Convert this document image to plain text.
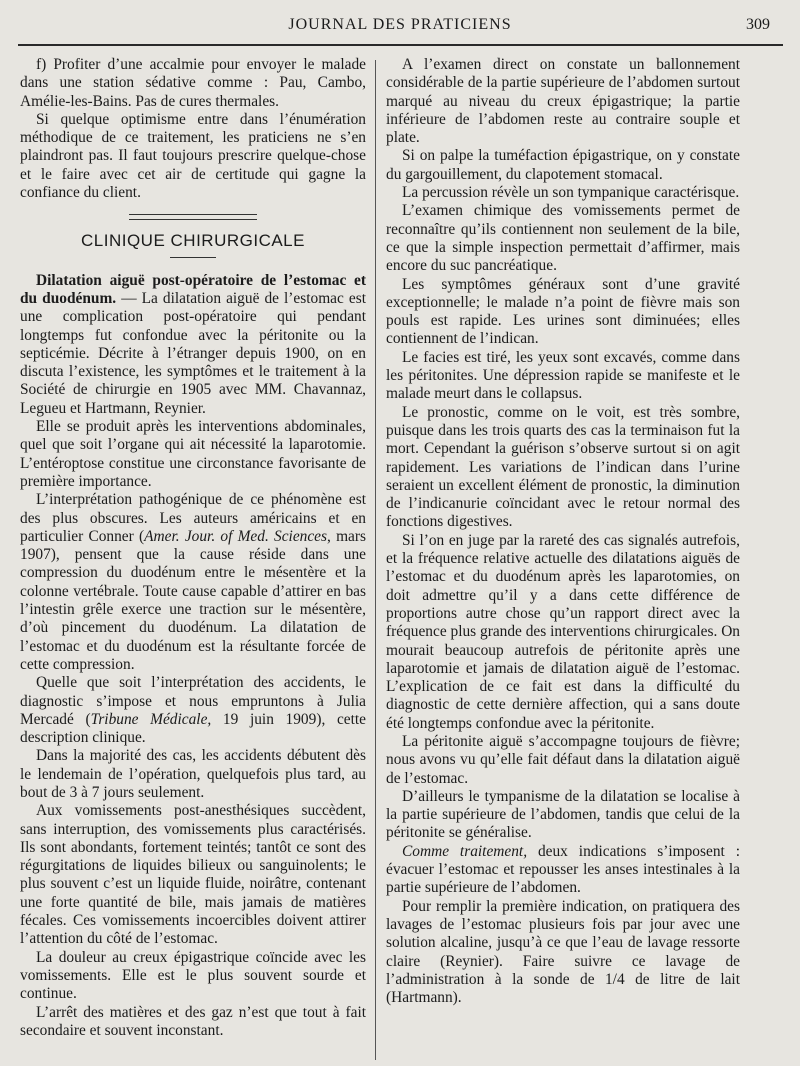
JOURNAL DES PRATICIENS	309

f) Profiter d’une accalmie pour envoyer le malade dans une station sédative comme : Pau, Cambo, Amélie-les-Bains. Pas de cures thermales.

Si quelque optimisme entre dans l’énumération méthodique de ce traitement, les praticiens ne s’en plaindront pas. Il faut toujours prescrire quelque-chose et le faire avec cet air de certitude qui gagne la confiance du client.

CLINIQUE CHIRURGICALE

Dilatation aiguë post-opératoire de l’estomac et du duodénum. — La dilatation aiguë de l’estomac est une complication post-opératoire qui pendant longtemps fut confondue avec la péritonite ou la septicémie. Décrite à l’étranger depuis 1900, on en discuta l’existence, les symptômes et le traitement à la Société de chirurgie en 1905 avec MM. Chavannaz, Legueu et Hartmann, Reynier.

Elle se produit après les interventions abdominales, quel que soit l’organe qui ait nécessité la laparotomie. L’entéroptose constitue une circonstance favorisante de première importance.

L’interprétation pathogénique de ce phénomène est des plus obscures. Les auteurs américains et en particulier Conner (Amer. Jour. of Med. Sciences, mars 1907), pensent que la cause réside dans une compression du duodénum entre le mésentère et la colonne vertébrale. Toute cause capable d’attirer en bas l’intestin grêle exerce une traction sur le mésentère, d’où pincement du duodénum. La dilatation de l’estomac et du duodénum est la résultante forcée de cette compression.

Quelle que soit l’interprétation des accidents, le diagnostic s’impose et nous empruntons à Julia Mercadé (Tribune Médicale, 19 juin 1909), cette description clinique.

Dans la majorité des cas, les accidents débutent dès le lendemain de l’opération, quelquefois plus tard, au bout de 3 à 7 jours seulement.

Aux vomissements post-anesthésiques succèdent, sans interruption, des vomissements plus caractérisés. Ils sont abondants, fortement teintés; tantôt ce sont des régurgitations de liquides bilieux ou sanguinolents; le plus souvent c’est un liquide fluide, noirâtre, contenant une forte quantité de bile, mais jamais de matières fécales. Ces vomissements incoercibles doivent attirer l’attention du côté de l’estomac.

La douleur au creux épigastrique coïncide avec les vomissements. Elle est le plus souvent sourde et continue.

L’arrêt des matières et des gaz n’est que tout à fait secondaire et souvent inconstant.

A l’examen direct on constate un ballonnement considérable de la partie supérieure de l’abdomen surtout marqué au niveau du creux épigastrique; la partie inférieure de l’abdomen reste au contraire souple et plate.

Si on palpe la tuméfaction épigastrique, on y constate du gargouillement, du clapotement stomacal.

La percussion révèle un son tympanique caractérisque.

L’examen chimique des vomissements permet de reconnaître qu’ils contiennent non seulement de la bile, ce que la simple inspection permettait d’affirmer, mais encore du suc pancréatique.

Les symptômes généraux sont d’une gravité exceptionnelle; le malade n’a point de fièvre mais son pouls est rapide. Les urines sont diminuées; elles contiennent de l’indican.

Le facies est tiré, les yeux sont excavés, comme dans les péritonites. Une dépression rapide se manifeste et le malade meurt dans le collapsus.

Le pronostic, comme on le voit, est très sombre, puisque dans les trois quarts des cas la terminaison fut la mort. Cependant la guérison s’observe surtout si on agit rapidement. Les variations de l’indican dans l’urine seraient un excellent élément de pronostic, la diminution de l’indicanurie coïncidant avec le retour normal des fonctions digestives.

Si l’on en juge par la rareté des cas signalés autrefois, et la fréquence relative actuelle des dilatations aiguës de l’estomac et du duodénum après les laparotomies, on doit admettre qu’il y a dans cette différence de proportions autre chose qu’un rapport direct avec la fréquence plus grande des interventions chirurgicales. On mourait beaucoup autrefois de péritonite après une laparotomie et jamais de dilatation aiguë de l’estomac. L’explication de ce fait est dans la difficulté du diagnostic de cette dernière affection, qui a sans doute été longtemps confondue avec la péritonite.

La péritonite aiguë s’accompagne toujours de fièvre; nous avons vu qu’elle fait défaut dans la dilatation aiguë de l’estomac.

D’ailleurs le tympanisme de la dilatation se localise à la partie supérieure de l’abdomen, tandis que celui de la péritonite se généralise.

Comme traitement, deux indications s’imposent : évacuer l’estomac et repousser les anses intestinales à la partie supérieure de l’abdomen.

Pour remplir la première indication, on pratiquera des lavages de l’estomac plusieurs fois par jour avec une solution alcaline, jusqu’à ce que l’eau de lavage ressorte claire (Reynier). Faire suivre ce lavage de l’administration à la sonde de 1/4 de litre de lait (Hartmann).
